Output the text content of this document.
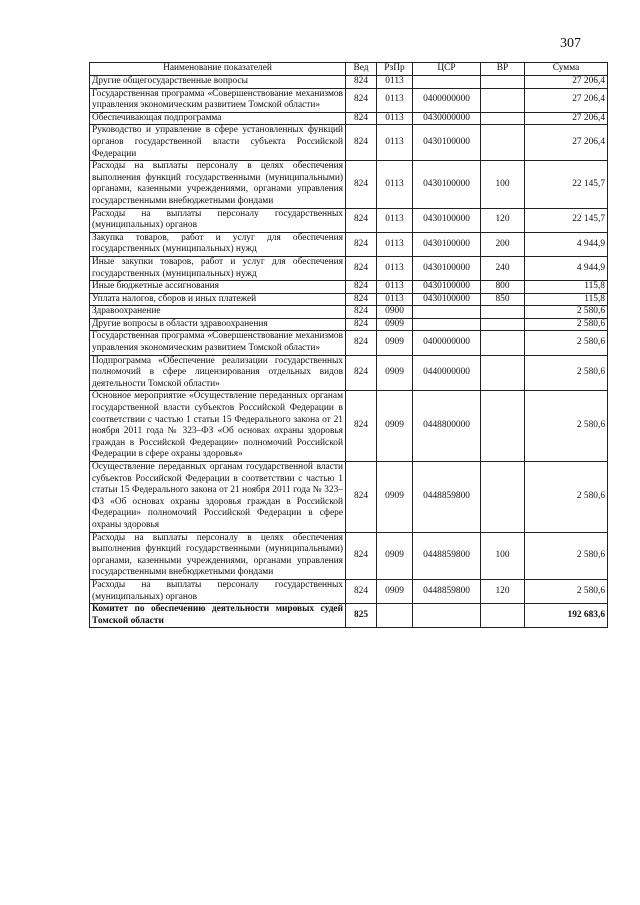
307
Наименование показателей	Вед	РзПр	ЦСР	ВР	Сумма
Другие общегосударственные вопросы	824	0113			27 206,4
Государственная программа «Совершенствование механизмов управления экономическим развитием Томской области»	824	0113	0400000000		27 206,4
Обеспечивающая подпрограмма	824	0113	0430000000		27 206,4
Руководство и управление в сфере установленных функций органов государственной власти субъекта Российской Федерации	824	0113	0430100000		27 206,4
Расходы на выплаты персоналу в целях обеспечения выполнения функций государственными (муниципальными) органами, казенными учреждениями, органами управления государственными внебюджетными фондами	824	0113	0430100000	100	22 145,7
Расходы на выплаты персоналу государственных (муниципальных) органов	824	0113	0430100000	120	22 145,7
Закупка товаров, работ и услуг для обеспечения государственных (муниципальных) нужд	824	0113	0430100000	200	4 944,9
Иные закупки товаров, работ и услуг для обеспечения государственных (муниципальных) нужд	824	0113	0430100000	240	4 944,9
Иные бюджетные ассигнования	824	0113	0430100000	800	115,8
Уплата налогов, сборов и иных платежей	824	0113	0430100000	850	115,8
Здравоохранение	824	0900			2 580,6
Другие вопросы в области здравоохранения	824	0909			2 580,6
Государственная программа «Совершенствование механизмов управления экономическим развитием Томской области»	824	0909	0400000000		2 580,6
Подпрограмма «Обеспечение реализации государственных полномочий в сфере лицензирования отдельных видов деятельности Томской области»	824	0909	0440000000		2 580,6
Основное мероприятие «Осуществление переданных органам государственной власти субъектов Российской Федерации в соответствии с частью 1 статьи 15 Федерального закона от 21 ноября 2011 года № 323–ФЗ «Об основах охраны здоровья граждан в Российской Федерации» полномочий Российской Федерации в сфере охраны здоровья»	824	0909	0448800000		2 580,6
Осуществление переданных органам государственной власти субъектов Российской Федерации в соответствии с частью 1 статьи 15 Федерального закона от 21 ноября 2011 года № 323–ФЗ «Об основах охраны здоровья граждан в Российской Федерации» полномочий Российской Федерации в сфере охраны здоровья	824	0909	0448859800		2 580,6
Расходы на выплаты персоналу в целях обеспечения выполнения функций государственными (муниципальными) органами, казенными учреждениями, органами управления государственными внебюджетными фондами	824	0909	0448859800	100	2 580,6
Расходы на выплаты персоналу государственных (муниципальных) органов	824	0909	0448859800	120	2 580,6
Комитет по обеспечению деятельности мировых судей Томской области	825				192 683,6
